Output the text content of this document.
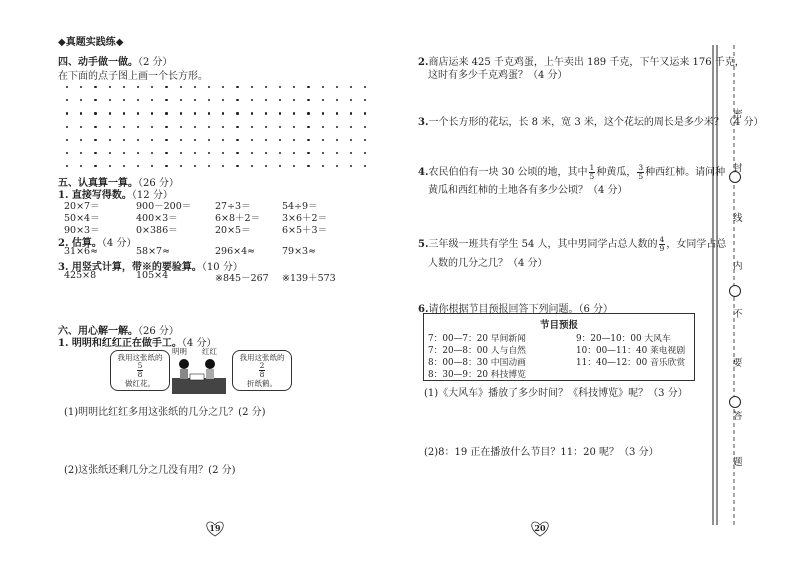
◆真题实践练◆
四、动手做一做。（2 分）
在下面的点子图上画一个长方形。
五、认真算一算。（26 分）
1. 直接写得数。（12 分）
20×7＝	900－200＝ 27÷3＝	54÷9＝
50×4＝	400×3＝	6×8＋2＝ 3×6＋2＝
90×3＝	0×386＝	20×5＝	6×5＋3＝
2. 估算。（4 分）
31×6≈	58×7≈	296×4≈	79×3≈
3. 用竖式计算，带※的要验算。（10 分）
425×8	105×4	※845－267 ※139＋573
六、用心解一解。（26 分）
1. 明明和红红正在做手工。（4 分）
明明 红红
我用这张纸的

$\frac{5}{8}$

做红花。
我用这张纸的

$\frac{2}{8}$

折纸鹤。
(1)明明比红红多用这张纸的几分之几？(2 分)
(2)这张纸还剩几分之几没有用？(2 分)
19
2.商店运来 425 千克鸡蛋，上午卖出 189 千克，下午又运来 176 千克，
这时有多少千克鸡蛋？（4 分）
3.一个长方形的花坛，长 8 米，宽 3 米，这个花坛的周长是多少米？（4 分）
4.农民伯伯有一块 30 公顷的地，其中 $\frac{1}{5}$ 种黄瓜， $\frac{3}{5}$ 种西红柿。请问种
黄瓜和西红柿的土地各有多少公顷？（4 分）
5.三年级一班共有学生 54 人，其中男同学占总人数的 $\frac{4}{9}$ ，女同学占总
人数的几分之几？（4 分）
6.请你根据节目预报回答下列问题。（6 分）
节目预报
7：00—7：20 早间新闻
7：20—8：00 人与自然
8：00—8：30 中国动画
8：30—9：20 科技博览
9：20—10：00 大风车
10：00—11：40 莱电视剧
11：40—12：00 音乐欣赏
(1)《大风车》播放了多少时间？《科技博览》呢？（3 分）
(2)8：19 正在播放什么节目？11：20 呢？（3 分）
20
密
封
线
内
不
要
答
题
